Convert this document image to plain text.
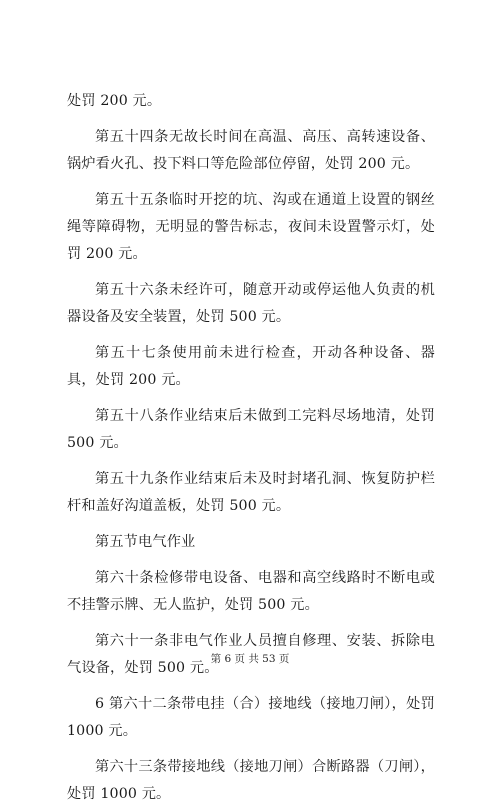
处罚 200 元。

第五十四条无故长时间在高温、高压、高转速设备、锅炉看火孔、投下料口等危险部位停留，处罚 200 元。

第五十五条临时开挖的坑、沟或在通道上设置的钢丝绳等障碍物，无明显的警告标志，夜间未设置警示灯，处罚 200 元。

第五十六条未经许可，随意开动或停运他人负责的机器设备及安全装置，处罚 500 元。

第五十七条使用前未进行检查，开动各种设备、器具，处罚 200 元。

第五十八条作业结束后未做到工完料尽场地清，处罚 500 元。

第五十九条作业结束后未及时封堵孔洞、恢复防护栏杆和盖好沟道盖板，处罚 500 元。

第五节电气作业

第六十条检修带电设备、电器和高空线路时不断电或不挂警示牌、无人监护，处罚 500 元。

第六十一条非电气作业人员擅自修理、安装、拆除电气设备，处罚 500 元。

6 第六十二条带电挂（合）接地线（接地刀闸），处罚 1000 元。

第六十三条带接地线（接地刀闸）合断路器（刀闸），处罚 1000 元。

第 6 页 共 53 页
